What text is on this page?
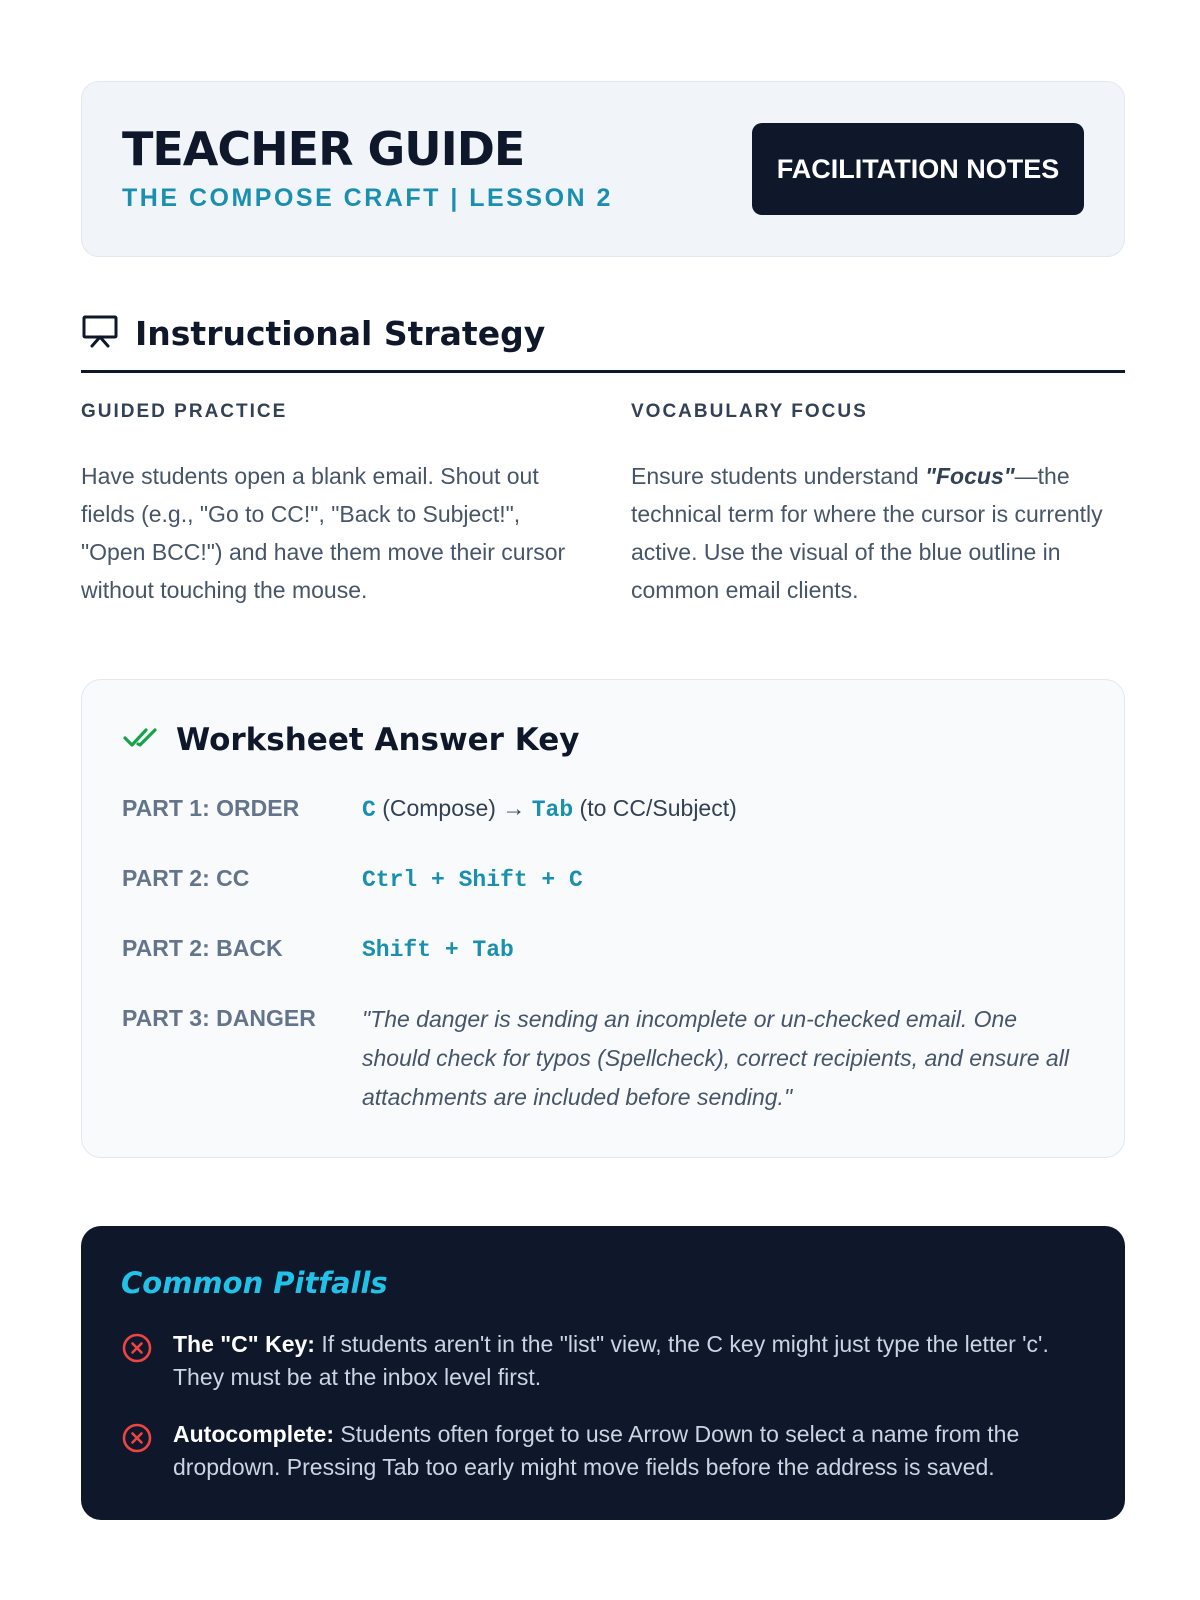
TEACHER GUIDE
THE COMPOSE CRAFT | LESSON 2
FACILITATION NOTES
Instructional Strategy
GUIDED PRACTICE
Have students open a blank email. Shout out fields (e.g., "Go to CC!", "Back to Subject!", "Open BCC!") and have them move their cursor without touching the mouse.
VOCABULARY FOCUS
Ensure students understand "Focus"—the technical term for where the cursor is currently active. Use the visual of the blue outline in common email clients.
Worksheet Answer Key
PART 1: ORDER	C (Compose) → Tab (to CC/Subject)
PART 2: CC	Ctrl + Shift + C
PART 2: BACK	Shift + Tab
PART 3: DANGER	"The danger is sending an incomplete or un-checked email. One should check for typos (Spellcheck), correct recipients, and ensure all attachments are included before sending."
Common Pitfalls
The "C" Key: If students aren't in the "list" view, the C key might just type the letter 'c'. They must be at the inbox level first.
Autocomplete: Students often forget to use Arrow Down to select a name from the dropdown. Pressing Tab too early might move fields before the address is saved.
